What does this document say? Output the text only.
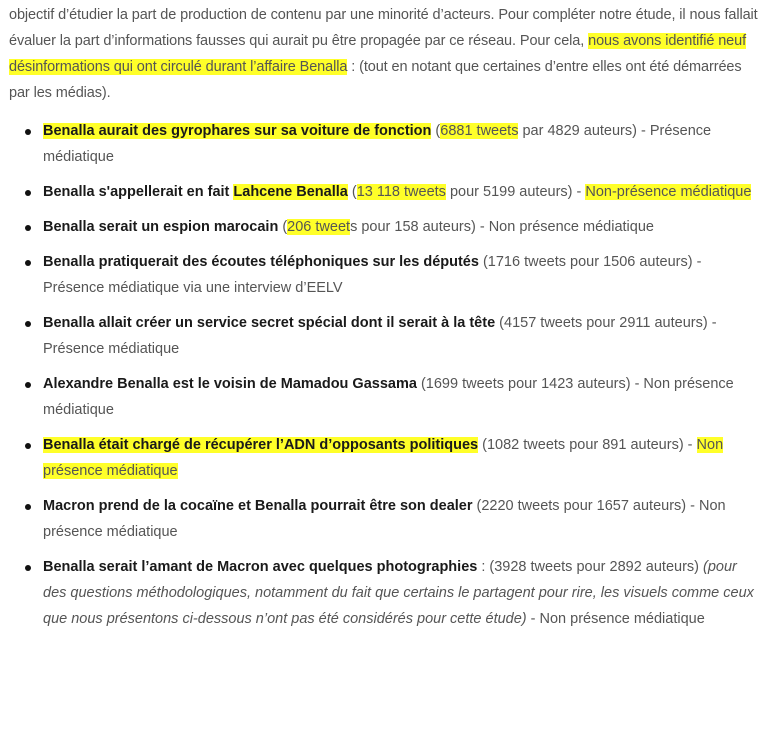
objectif d’étudier la part de production de contenu par une minorité d’acteurs. Pour compléter notre étude, il nous fallait évaluer la part d’informations fausses qui aurait pu être propagée par ce réseau. Pour cela, nous avons identifié neuf désinformations qui ont circulé durant l’affaire Benalla : (tout en notant que certaines d’entre elles ont été démarrées par les médias).

Benalla aurait des gyrophares sur sa voiture de fonction (6881 tweets par 4829 auteurs) - Présence médiatique
Benalla s'appellerait en fait Lahcene Benalla (13 118 tweets pour 5199 auteurs) - Non-présence médiatique
Benalla serait un espion marocain (206 tweets pour 158 auteurs) - Non présence médiatique
Benalla pratiquerait des écoutes téléphoniques sur les députés (1716 tweets pour 1506 auteurs) - Présence médiatique via une interview d’EELV
Benalla allait créer un service secret spécial dont il serait à la tête (4157 tweets pour 2911 auteurs) - Présence médiatique
Alexandre Benalla est le voisin de Mamadou Gassama (1699 tweets pour 1423 auteurs) - Non présence médiatique
Benalla était chargé de récupérer l’ADN d’opposants politiques (1082 tweets pour 891 auteurs) - Non présence médiatique
Macron prend de la cocaïne et Benalla pourrait être son dealer (2220 tweets pour 1657 auteurs) - Non présence médiatique
Benalla serait l’amant de Macron avec quelques photographies : (3928 tweets pour 2892 auteurs) (pour des questions méthodologiques, notamment du fait que certains le partagent pour rire, les visuels comme ceux que nous présentons ci-dessous n’ont pas été considérés pour cette étude) - Non présence médiatique
